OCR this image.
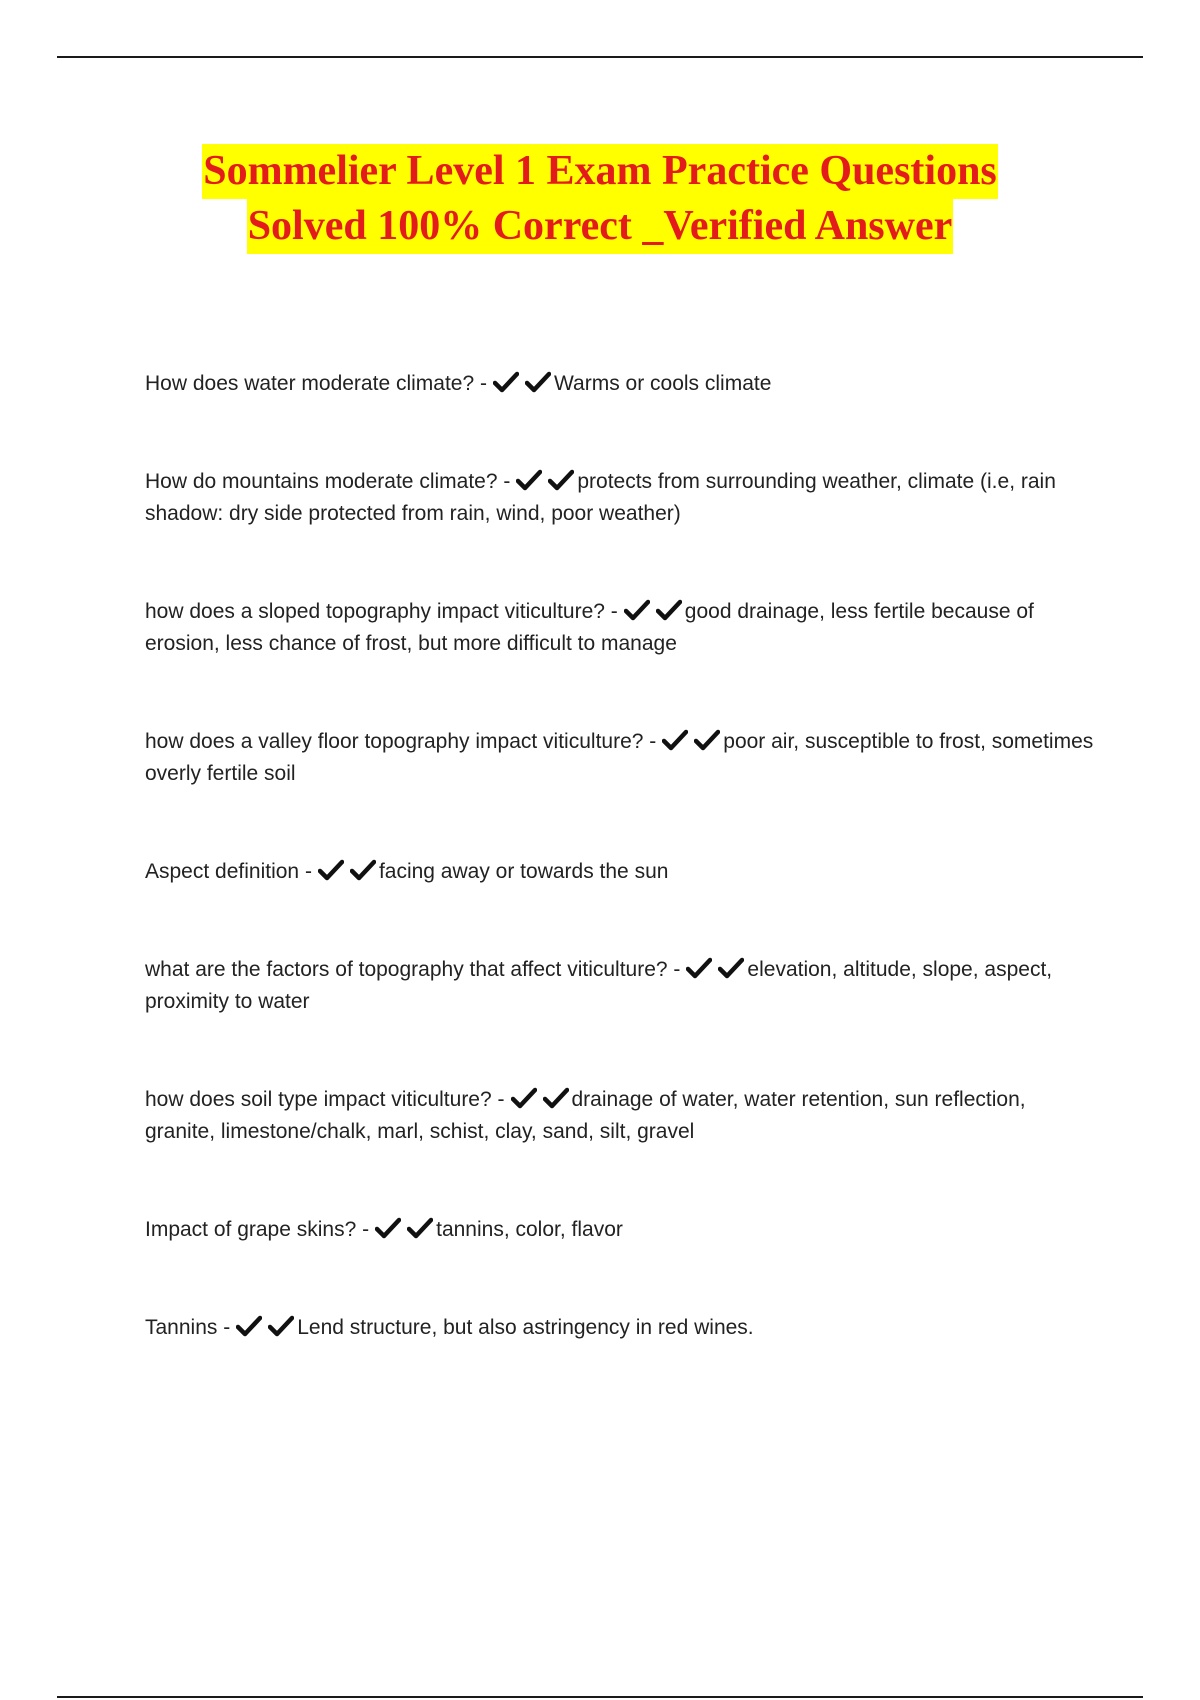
Sommelier Level 1 Exam Practice Questions
Solved 100% Correct _Verified Answer

How does water moderate climate? -	Warms or cools climate

How do mountains moderate climate? -	protects from surrounding weather, climate (i.e, rain shadow: dry side protected from rain, wind, poor weather)

how does a sloped topography impact viticulture? -	good drainage, less fertile because of erosion, less chance of frost, but more difficult to manage

how does a valley floor topography impact viticulture? -	poor air, susceptible to frost, sometimes overly fertile soil

Aspect definition -	facing away or towards the sun

what are the factors of topography that affect viticulture? -	elevation, altitude, slope, aspect, proximity to water

how does soil type impact viticulture? -	drainage of water, water retention, sun reflection, granite, limestone/chalk, marl, schist, clay, sand, silt, gravel

Impact of grape skins? -	tannins, color, flavor

Tannins -	Lend structure, but also astringency in red wines.
